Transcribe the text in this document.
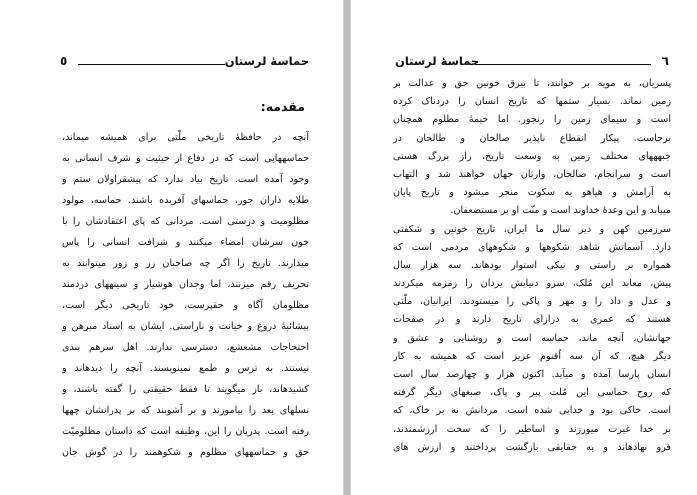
٥	حماسهٔ لرستان
مقدمه:
آنچه در حافظهٔ تاریخی ملّتی برای همیشه میماند،
حماسههایی است که در دفاع از حیثیت و شرف انسانی به
وجود آمده است. تاریخ بیاد ندارد که پیشقراولان ستم و
طلایه داران جور، حماسهای آفریده باشند. حماسه، مولود
مظلومیت و درستی است. مردانی که پای اعتقادشان را با
خون سرشان امضاء میکنند و شرافت انسانی را پاس
میدارند. تاریخ را اگر چه صاحبان زر و زور میتوانند به
تحریف رقم میزنند، اما وجدان هوشیار و سینههای دردمند
مظلومان آگاه و حقپرست، خود تاریخی دیگر است،
بیشائبهٔ دروغ و خیانت و ناراستی. ایشان به اسناد مبرهن و
احتجاجات مشعشع، دسترسی ندارند. اهل سرهم بندی
نیستند. به ترس و طمع نمینویسند. آنچه را دیدهاند و
کشیدهاند، باز میگویند تا فقط حقیقتی را گفته باشند، و
نسلهای بعد را بیاموزند و بر آشوبند که بر پدرانشان چهها
رفته است. پدریان را این، وظیفه است که داستان مظلومیّت
حق و حماسههای مظلوم و شکوهمند را در گوش جان
حماسهٔ لرستان	٦
پسریان، به مویه بر خوانند، تا بیرق خونین حق و عدالت بر
زمین نماند. بسیار ستمها که تاریخ انسان را دردناک کرده
است و سیمای زمین را رنجور. اما خیمهٔ مظلوم همچنان
برجاست. پیکار انقطاع ناپذیر صالحان و طالحان در
جبهههای مختلف زمین به وسعت تاریخ، راز بزرگ هستی
است و سرانجام، صالحان، وارثان جهان خواهند شد و التهاب
به آرامش و هیاهو به سکوت منجر میشود و تاریخ پایان
مییابد و این وعدهٔ خداوند است و منّت او بر مستضعفان.
سرزمین کهن و دیر سال ما ایران، تاریخ خونین و شکفتی
دارد. آسمانش شاهد شکوهها و شکوههای مردمی است که
همواره بر راستی و نیکی استوار بودهاند. سه هزار سال
پیش، معابد این مُلک، سرو دنیایش یزدان را زمزمه میکردند
و عدل و داد را و مهر و پاکی را میستودند. ایرانیان، ملّتی
هستند که عمری به درازای تاریخ دارند و در صفحات
جهانشان، آنچه ماند، حماسه است و روشنایی و عشق و
دیگر هیچ، که آن سه اُقنوم عزیز است که همیشه به کار
انسان پارسا آمده و میآید. اکنون هزار و چهارصد سال است
که روح حماسی این مُلت پیر و پاک، صبغهای دیگر گرفته
است. خاکی بود و خدایی شده است. مردانش نه بر خاک، که
بر خدا غیرت میورزند و اساطیر را که سخت ارزشمندند،
فرو نهادهاند و به حقایقی بازگشت پرداختند و ارزش های
